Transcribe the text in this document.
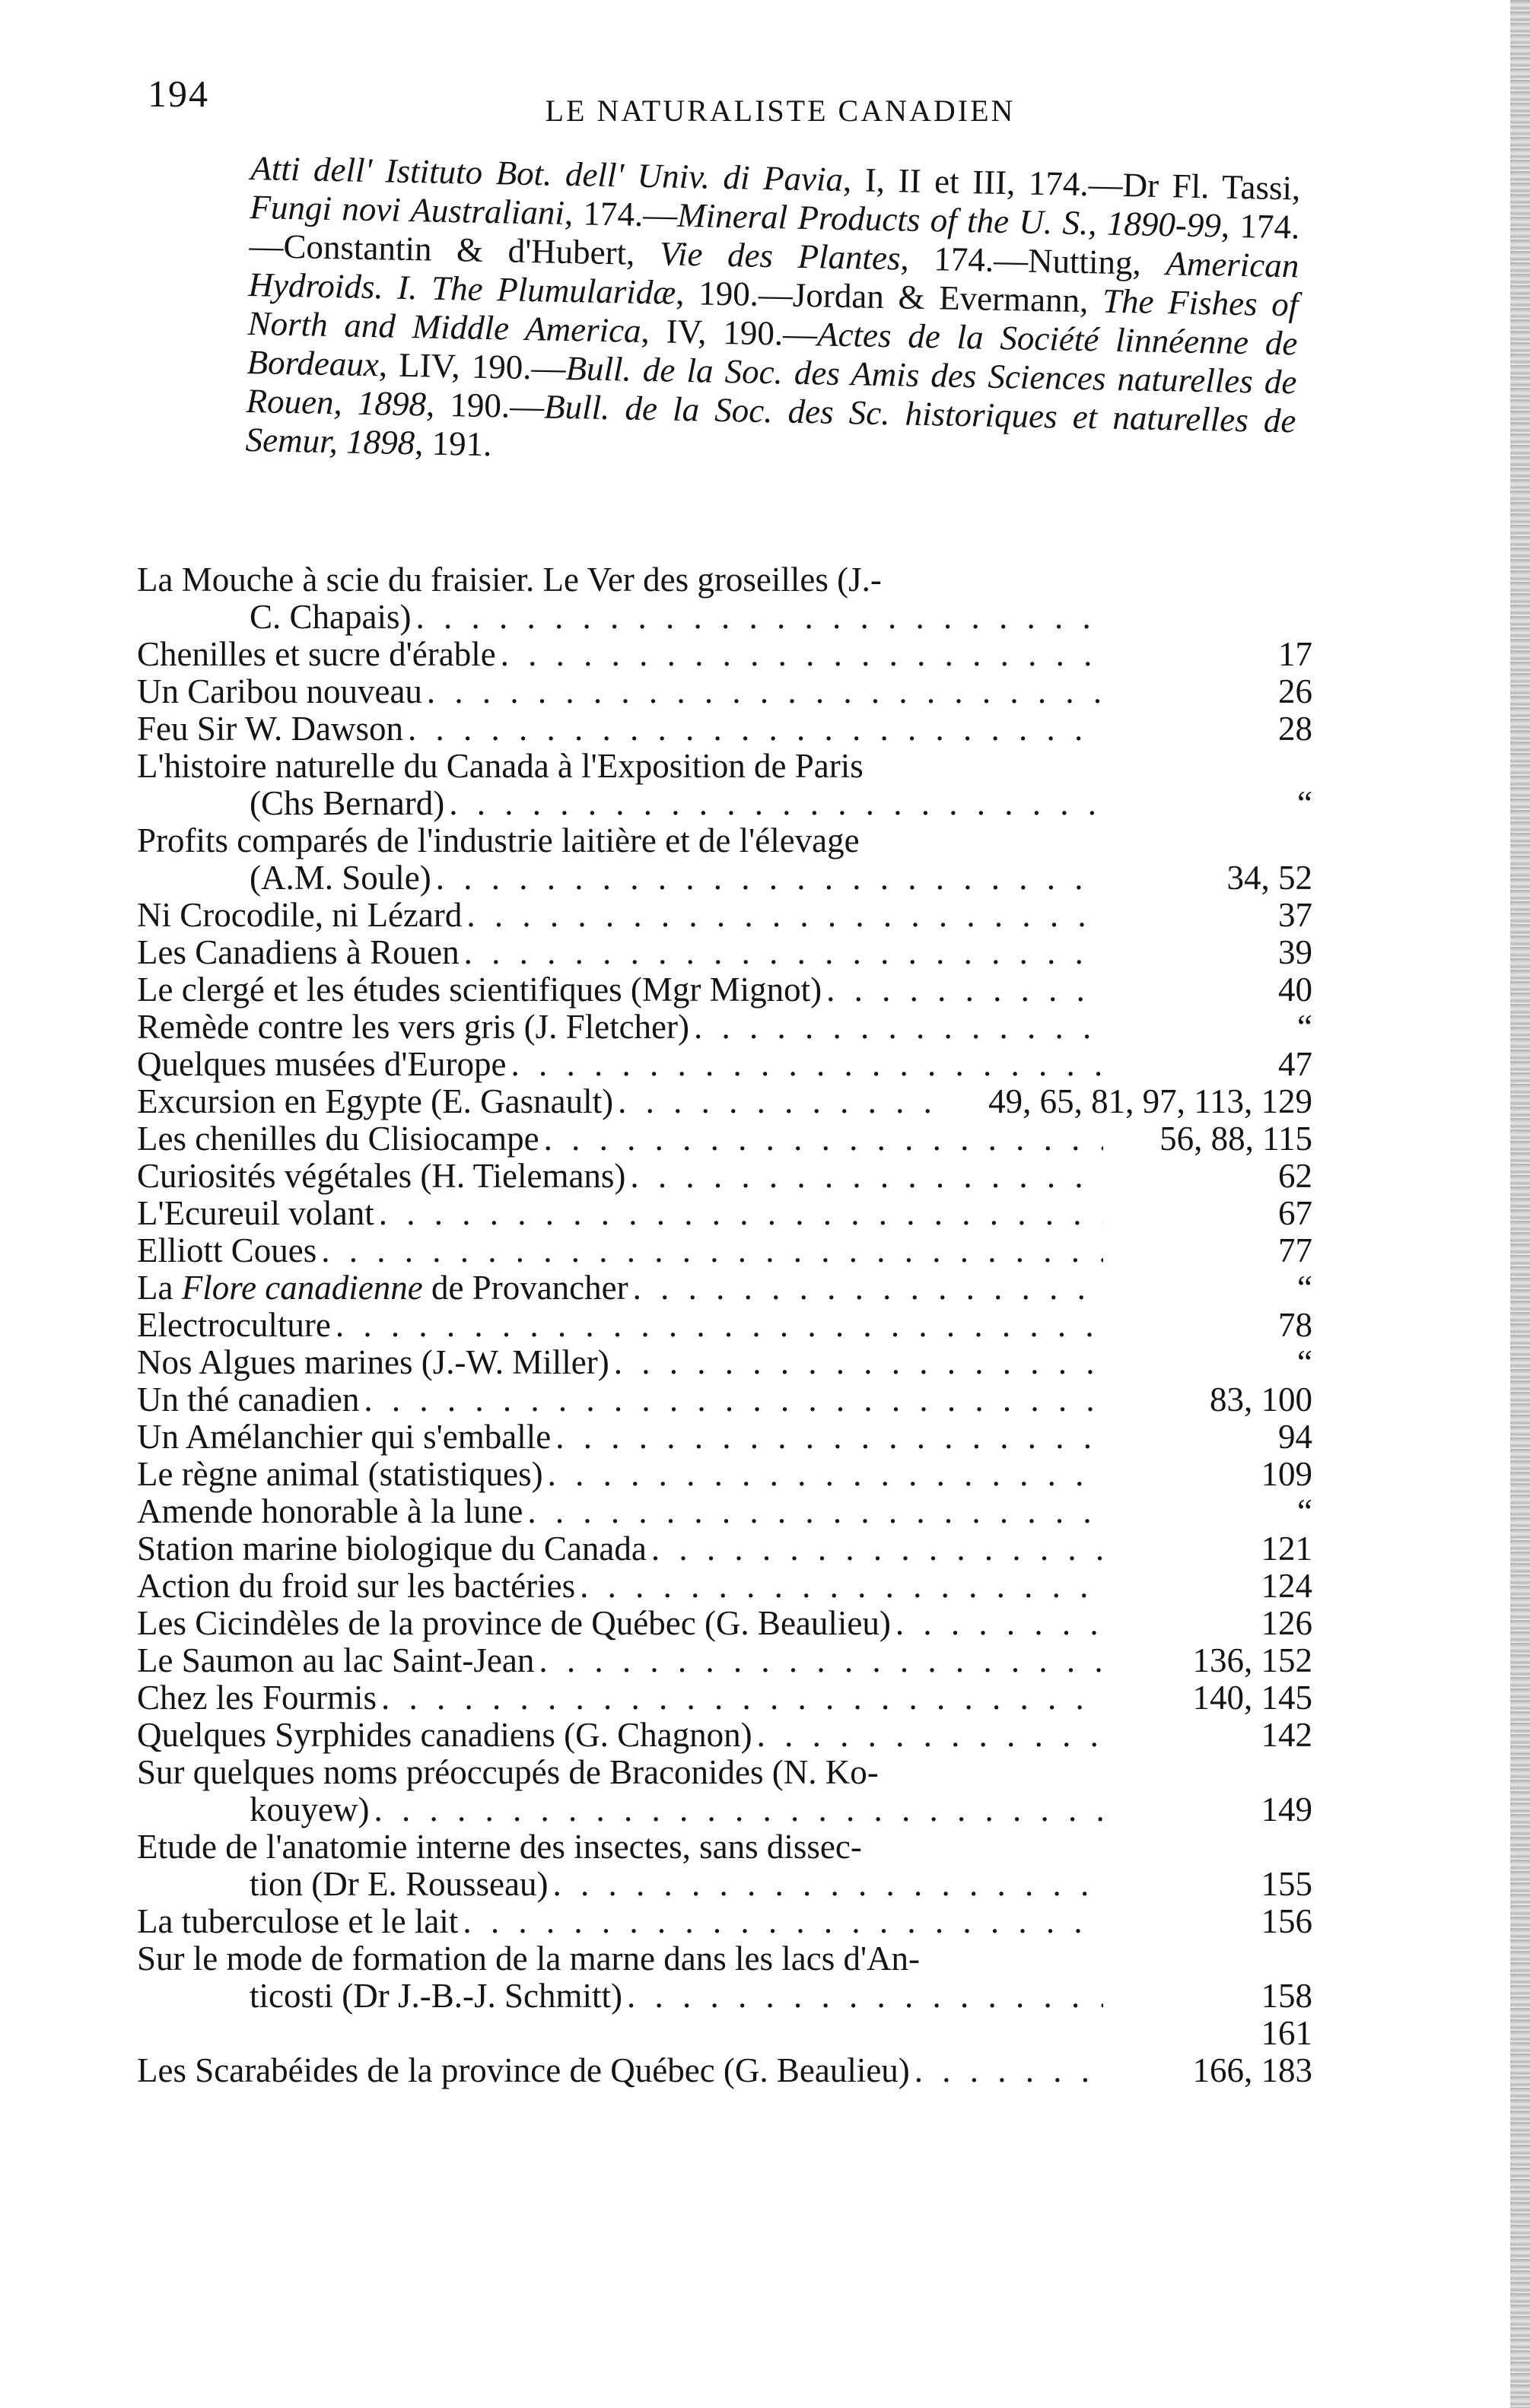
194	LE NATURALISTE CANADIEN
Atti dell' Istituto Bot. dell' Univ. di Pavia, I, II et III, 174.—Dr Fl. Tassi, Fungi novi Australiani, 174.—Mineral Products of the U. S., 1890-99, 174.—Constantin & d'Hubert, Vie des Plantes, 174.—Nutting, American Hydroids. I. The Plumularidæ, 190.—Jordan & Evermann, The Fishes of North and Middle America, IV, 190.—Actes de la Société linnéenne de Bordeaux, LIV, 190.—Bull. de la Soc. des Amis des Sciences naturelles de Rouen, 1898, 190.—Bull. de la Soc. des Sc. historiques et naturelles de Semur, 1898, 191.
La Mouche à scie du fraisier. Le Ver des groseilles (J.-
C. Chapais)
. . .
Chenilles et sucre d'érable . . .	17
Un Caribou nouveau . . .	26
Feu Sir W. Dawson . . .	28
L'histoire naturelle du Canada à l'Exposition de Paris
(Chs Bernard) . . .	“
Profits comparés de l'industrie laitière et de l'élevage
(A.M. Soule) . . .	34, 52
Ni Crocodile, ni Lézard . . .	37
Les Canadiens à Rouen . . .	39
Le clergé et les études scientifiques (Mgr Mignot) . . .	40
Remède contre les vers gris (J. Fletcher) . . .	“
Quelques musées d'Europe . . .	47
Excursion en Egypte (E. Gasnault) . . .	49, 65, 81, 97, 113, 129
Les chenilles du Clisiocampe . . .	56, 88, 115
Curiosités végétales (H. Tielemans) . . .	62
L'Ecureuil volant . . .	67
Elliott Coues . . .	77
La Flore canadienne de Provancher . . .	“
Electroculture . . .	78
Nos Algues marines (J.-W. Miller) . . .	“
Un thé canadien . . .	83, 100
Un Amélanchier qui s'emballe . . .	94
Le règne animal (statistiques) . . .	109
Amende honorable à la lune . . .	“
Station marine biologique du Canada . . .	121
Action du froid sur les bactéries . . .	124
Les Cicindèles de la province de Québec (G. Beaulieu) . . .	126
Le Saumon au lac Saint-Jean . . .	136, 152
Chez les Fourmis . . .	140, 145
Quelques Syrphides canadiens (G. Chagnon) . . .	142
Sur quelques noms préoccupés de Braconides (N. Ko-
kouyew) . . .	149
Etude de l'anatomie interne des insectes, sans dissec-
tion (Dr E. Rousseau) . . .	155
La tuberculose et le lait . . .	156
Sur le mode de formation de la marne dans les lacs d'An-
ticosti (Dr J.-B.-J. Schmitt) . . .	158
161
Les Scarabéides de la province de Québec (G. Beaulieu) . . .	166, 183
